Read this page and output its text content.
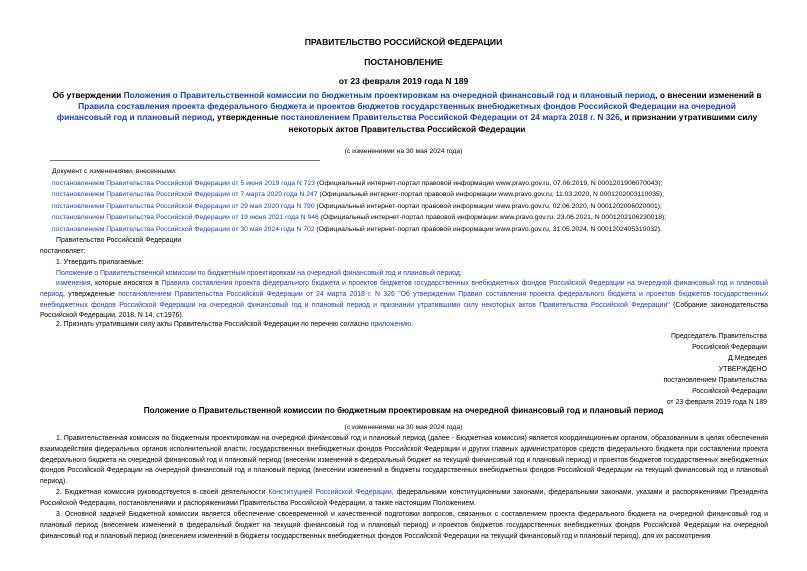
ПРАВИТЕЛЬСТВО РОССИЙСКОЙ ФЕДЕРАЦИИ
ПОСТАНОВЛЕНИЕ
от 23 февраля 2019 года N 189
Об утверждении Положения о Правительственной комиссии по бюджетным проектировкам на очередной финансовый год и плановый период, о внесении изменений в Правила составления проекта федерального бюджета и проектов бюджетов государственных внебюджетных фондов Российской Федерации на очередной финансовый год и плановый период, утвержденные постановлением Правительства Российской Федерации от 24 марта 2018 г. N 326, и признании утратившими силу некоторых актов Правительства Российской Федерации
(с изменениями на 30 мая 2024 года)
Документ с изменениями, внесенными:
постановлением Правительства Российской Федерации от 5 июня 2019 года N 723 (Официальный интернет-портал правовой информации www.pravo.gov.ru, 07.06.2019, N 0001201906070043);
постановлением Правительства Российской Федерации от 7 марта 2020 года N 247 (Официальный интернет-портал правовой информации www.pravo.gov.ru, 11.03.2020, N 0001202003110035);
постановлением Правительства Российской Федерации от 29 мая 2020 года N 790 (Официальный интернет-портал правовой информации www.pravo.gov.ru, 02.06.2020, N 0001202006020001);
постановлением Правительства Российской Федерации от 19 июня 2021 года N 946 (Официальный интернет-портал правовой информации www.pravo.gov.ru, 23.06.2021, N 0001202106230018);
постановлением Правительства Российской Федерации от 30 мая 2024 года N 702 (Официальный интернет-портал правовой информации www.pravo.gov.ru, 31.05.2024, N 0001202405310032).
Правительство Российской Федерации
постановляет:
1. Утвердить прилагаемые:
Положение о Правительственной комиссии по бюджетным проектировкам на очередной финансовый год и плановый период;
изменения, которые вносятся в Правила составления проекта федерального бюджета и проектов бюджетов государственных внебюджетных фондов Российской Федерации на очередной финансовый год и плановый период, утвержденные постановлением Правительства Российской Федерации от 24 марта 2018 г. N 326 "Об утверждении Правил составления проекта федерального бюджета и проектов бюджетов государственных внебюджетных фондов Российской Федерации на очередной финансовый год и плановый период и признании утратившими силу некоторых актов Правительства Российской Федерации" (Собрание законодательства Российской Федерации, 2018, N 14, ст.1976).
2. Признать утратившими силу акты Правительства Российской Федерации по перечню согласно приложению.
Председатель Правительства
Российской Федерации
Д.Медведев
УТВЕРЖДЕНО
постановлением Правительства
Российской Федерации
от 23 февраля 2019 года N 189
Положение о Правительственной комиссии по бюджетным проектировкам на очередной финансовый год и плановый период
(с изменениями на 30 мая 2024 года)
1. Правительственная комиссия по бюджетным проектировкам на очередной финансовый год и плановый период (далее - Бюджетная комиссия) является координационным органом, образованным в целях обеспечения взаимодействия федеральных органов исполнительной власти, государственных внебюджетных фондов Российской Федерации и других главных администраторов средств федерального бюджета при составлении проекта федерального бюджета на очередной финансовый год и плановый период (внесении изменений в федеральный бюджет на текущий финансовый год и плановый период) и проектов бюджетов государственных внебюджетных фондов Российской Федерации на очередной финансовый год и плановый период (внесении изменений в бюджеты государственных внебюджетных фондов Российской Федерации на текущий финансовый год и плановый период).
2. Бюджетная комиссия руководствуется в своей деятельности Конституцией Российской Федерации, федеральными конституционными законами, федеральными законами, указами и распоряжениями Президента Российской Федерации, постановлениями и распоряжениями Правительства Российской Федерации, а также настоящим Положением.
3. Основной задачей Бюджетной комиссии является обеспечение своевременной и качественной подготовки вопросов, связанных с составлением проекта федерального бюджета на очередной финансовый год и плановый период (внесением изменений в федеральный бюджет на текущий финансовый год и плановый период) и проектов бюджетов государственных внебюджетных фондов Российской Федерации на очередной финансовый год и плановый период (внесением изменений в бюджеты государственных внебюджетных фондов Российской Федерации на текущий финансовый год и плановый период), для их рассмотрения
